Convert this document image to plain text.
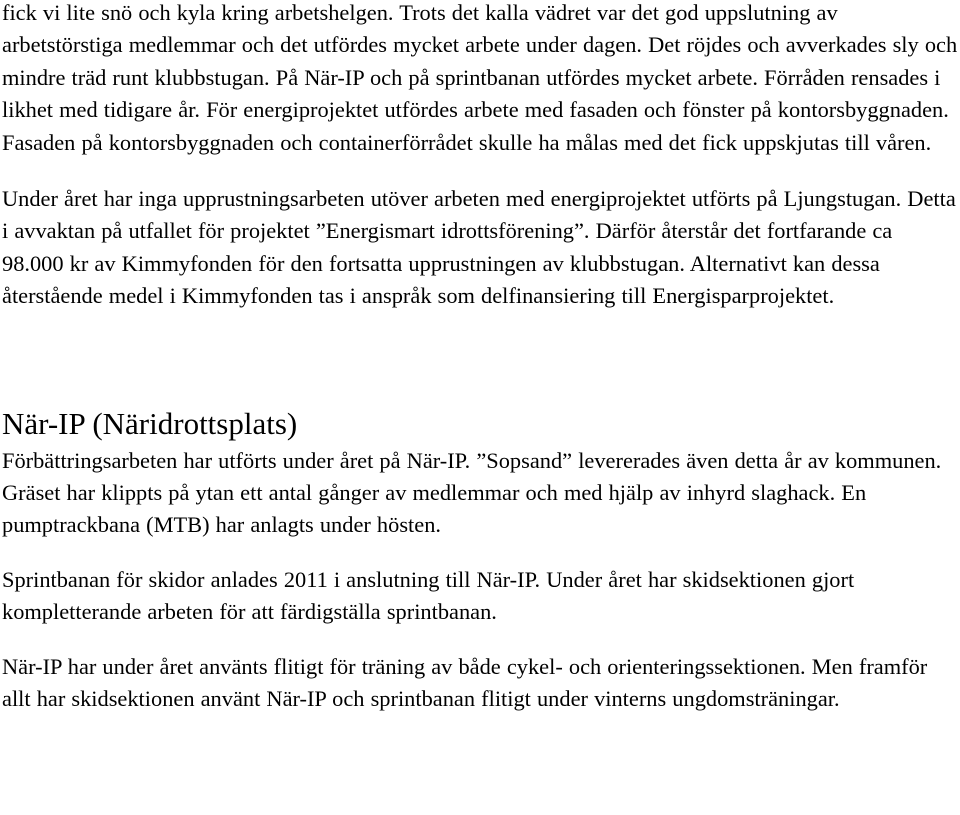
fick vi lite snö och kyla kring arbetshelgen. Trots det kalla vädret var det god uppslutning av arbetstörstiga medlemmar och det utfördes mycket arbete under dagen. Det röjdes och avverkades sly och mindre träd runt klubbstugan. På När-IP och på sprintbanan utfördes mycket arbete. Förråden rensades i likhet med tidigare år. För energiprojektet utfördes arbete med fasaden och fönster på kontorsbyggnaden. Fasaden på kontorsbyggnaden och containerförrådet skulle ha målas med det fick uppskjutas till våren.

Under året har inga upprustningsarbeten utöver arbeten med energiprojektet utförts på Ljungstugan. Detta i avvaktan på utfallet för projektet ”Energismart idrottsförening”. Därför återstår det fortfarande ca 98.000 kr av Kimmyfonden för den fortsatta upprustningen av klubbstugan. Alternativt kan dessa återstående medel i Kimmyfonden tas i anspråk som delfinansiering till Energisparprojektet.

När-IP (Näridrottsplats)

Förbättringsarbeten har utförts under året på När-IP. ”Sopsand” levererades även detta år av kommunen. Gräset har klippts på ytan ett antal gånger av medlemmar och med hjälp av inhyrd slaghack. En pumptrackbana (MTB) har anlagts under hösten.

Sprintbanan för skidor anlades 2011 i anslutning till När-IP. Under året har skidsektionen gjort kompletterande arbeten för att färdigställa sprintbanan.

När-IP har under året använts flitigt för träning av både cykel- och orienteringssektionen. Men framför allt har skidsektionen använt När-IP och sprintbanan flitigt under vinterns ungdomsträningar.
